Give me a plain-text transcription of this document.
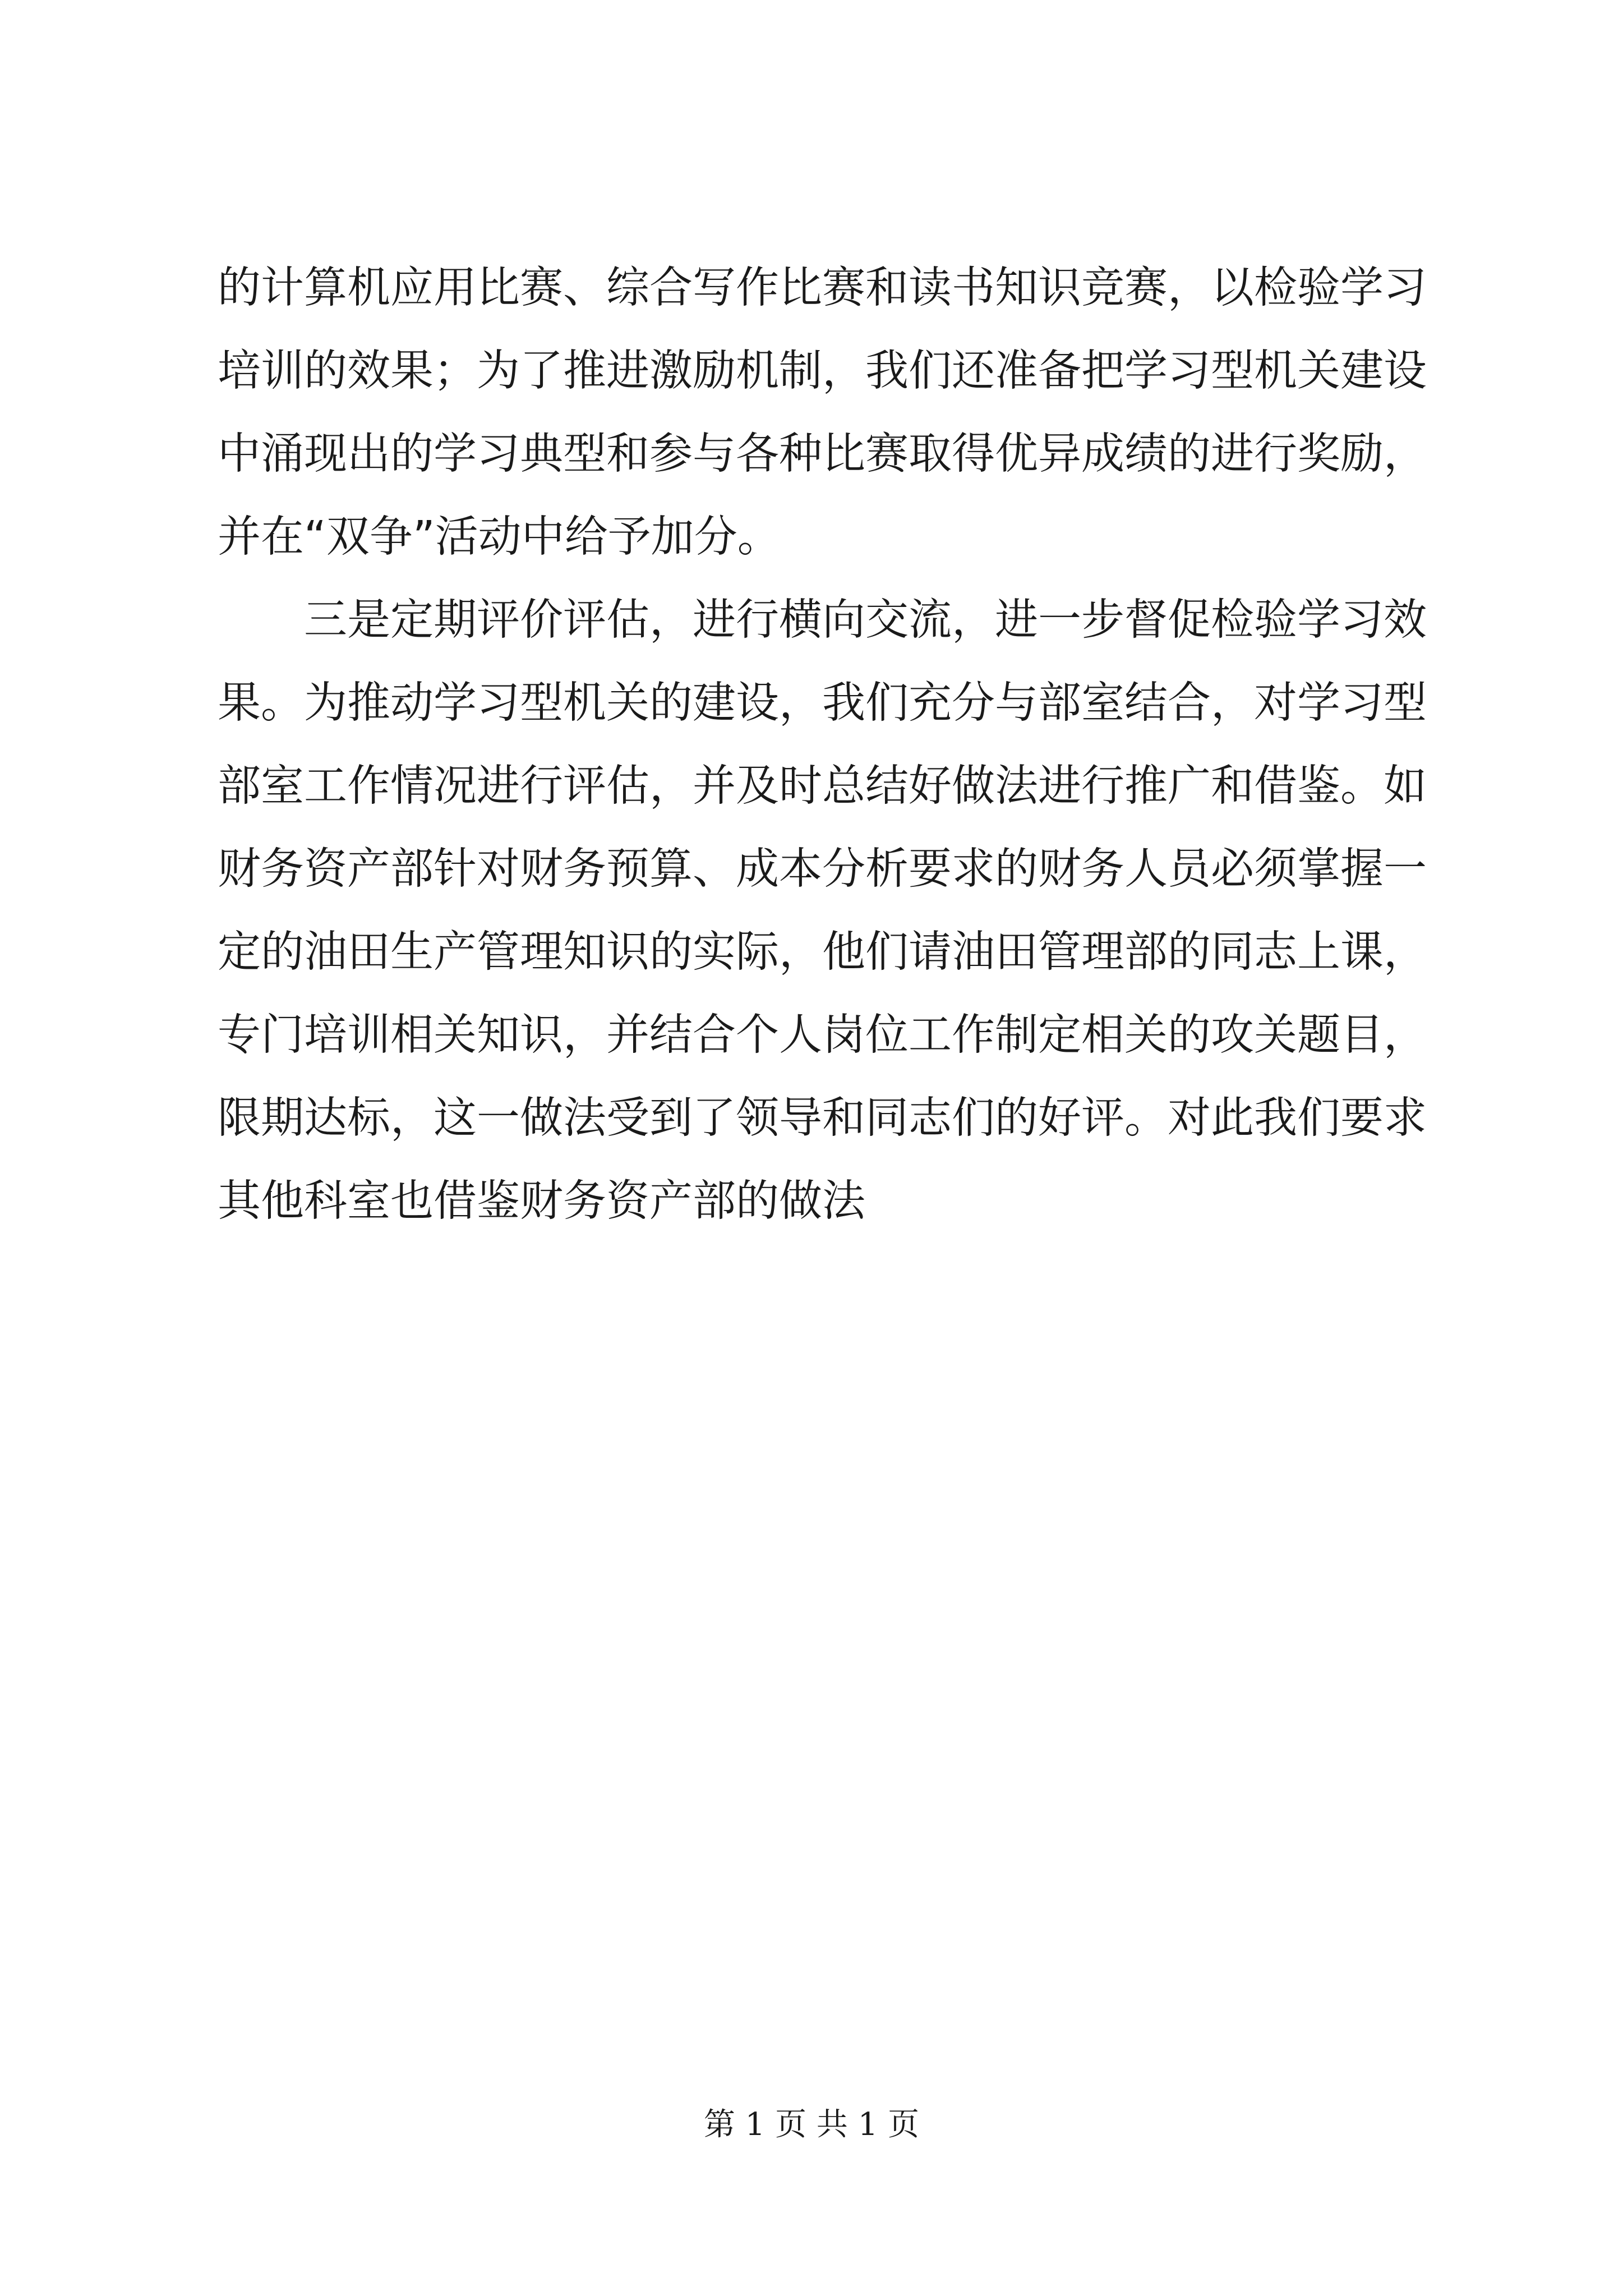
的计算机应用比赛、综合写作比赛和读书知识竞赛，以检验学习
培训的效果；为了推进激励机制，我们还准备把学习型机关建设
中涌现出的学习典型和参与各种比赛取得优异成绩的进行奖励，
并在“双争”活动中给予加分。
三是定期评价评估，进行横向交流，进一步督促检验学习效
果。为推动学习型机关的建设，我们充分与部室结合，对学习型
部室工作情况进行评估，并及时总结好做法进行推广和借鉴。如
财务资产部针对财务预算、成本分析要求的财务人员必须掌握一
定的油田生产管理知识的实际，他们请油田管理部的同志上课，
专门培训相关知识，并结合个人岗位工作制定相关的攻关题目，
限期达标，这一做法受到了领导和同志们的好评。对此我们要求
其他科室也借鉴财务资产部的做法
第 1 页 共 1 页
